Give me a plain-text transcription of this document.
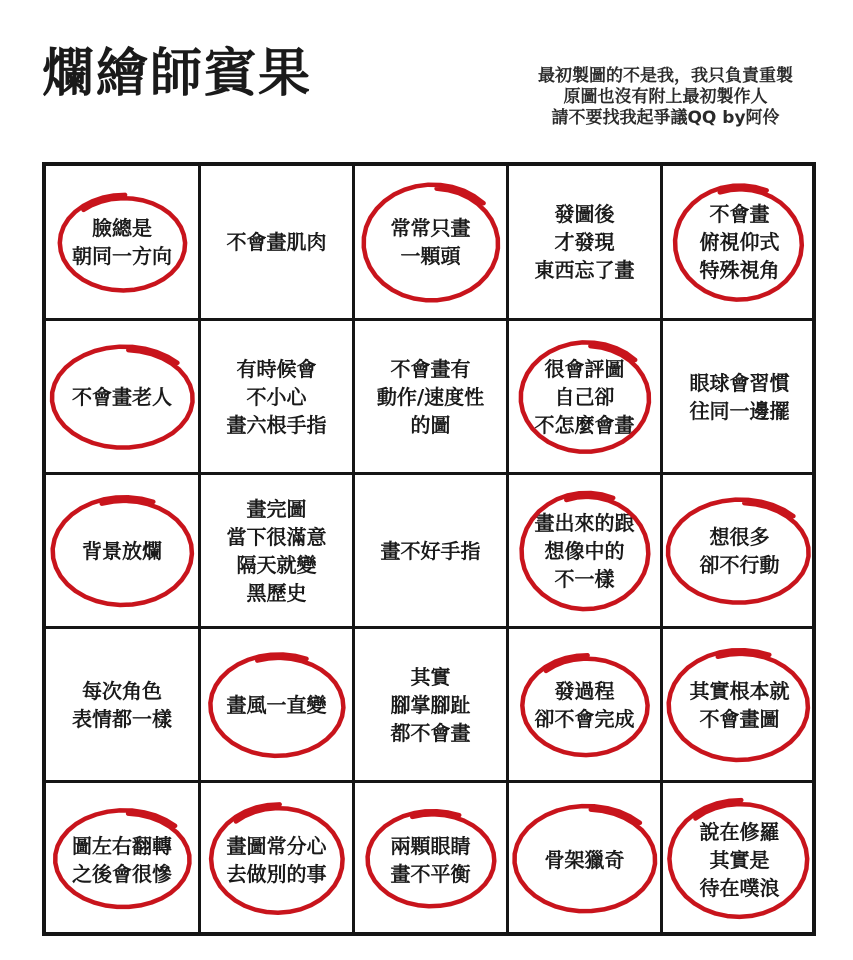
爛繪師賓果	最初製圖的不是我，我只負責重製
原圖也沒有附上最初製作人
請不要找我起爭議QQ by阿伶
臉總是
朝同一方向
不會畫肌肉
常常只畫
一顆頭
發圖後
才發現
東西忘了畫
不會畫
俯視仰式
特殊視角
不會畫老人
有時候會
不小心
畫六根手指
不會畫有
動作/速度性
的圖
很會評圖
自己卻
不怎麼會畫
眼球會習慣
往同一邊擺
背景放爛
畫完圖
當下很滿意
隔天就變
黑歷史
畫不好手指
畫出來的跟
想像中的
不一樣
想很多
卻不行動
每次角色
表情都一樣
畫風一直變
其實
腳掌腳趾
都不會畫
發過程
卻不會完成
其實根本就
不會畫圖
圖左右翻轉
之後會很慘
畫圖常分心
去做別的事
兩顆眼睛
畫不平衡
骨架獵奇
說在修羅
其實是
待在噗浪
